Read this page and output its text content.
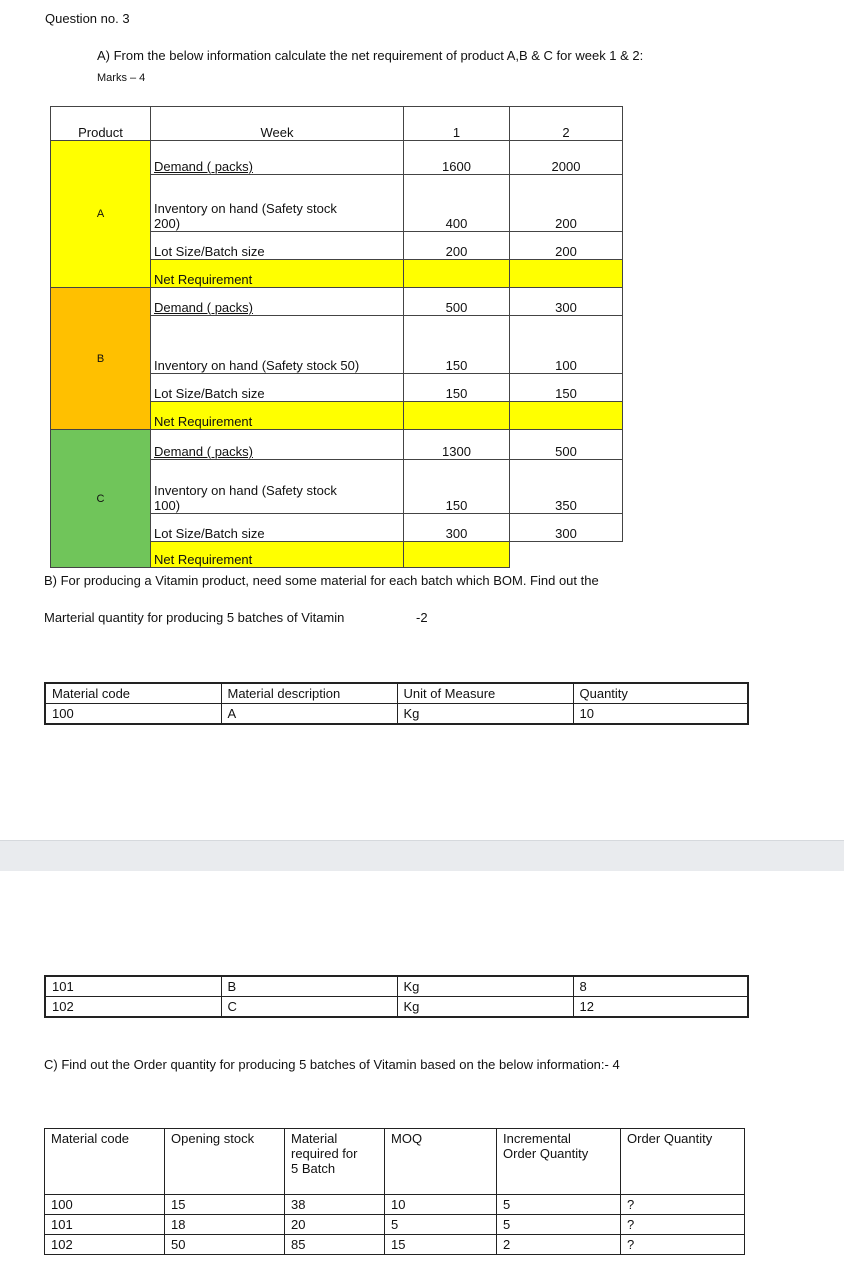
Question no. 3
A) From the below information calculate the net requirement of product A,B & C for week 1 & 2:
Marks – 4
Product	Week	1	2
A	Demand ( packs)	1600	2000
	Inventory on hand (Safety stock
200)	400	200
	Lot Size/Batch size	200	200
	Net Requirement		
B	Demand ( packs)	500	300
	Inventory on hand (Safety stock 50)	150	100
	Lot Size/Batch size	150	150
	Net Requirement		
C	Demand ( packs)	1300	500
	Inventory on hand (Safety stock
100)	150	350
	Lot Size/Batch size	300	300
	Net Requirement		
B) For producing a Vitamin product, need some material for each batch which BOM. Find out the
Marterial quantity for producing 5 batches of Vitamin	-2
Material code	Material description	Unit of Measure	Quantity
100	A	Kg	10
101	B	Kg	8
102	C	Kg	12
C) Find out the Order quantity for producing 5 batches of Vitamin based on the below information:- 4
Material code	Opening stock	Material
required for
5 Batch	MOQ	Incremental
Order Quantity	Order Quantity
100	15	38	10	5	?
101	18	20	5	5	?
102	50	85	15	2	?
